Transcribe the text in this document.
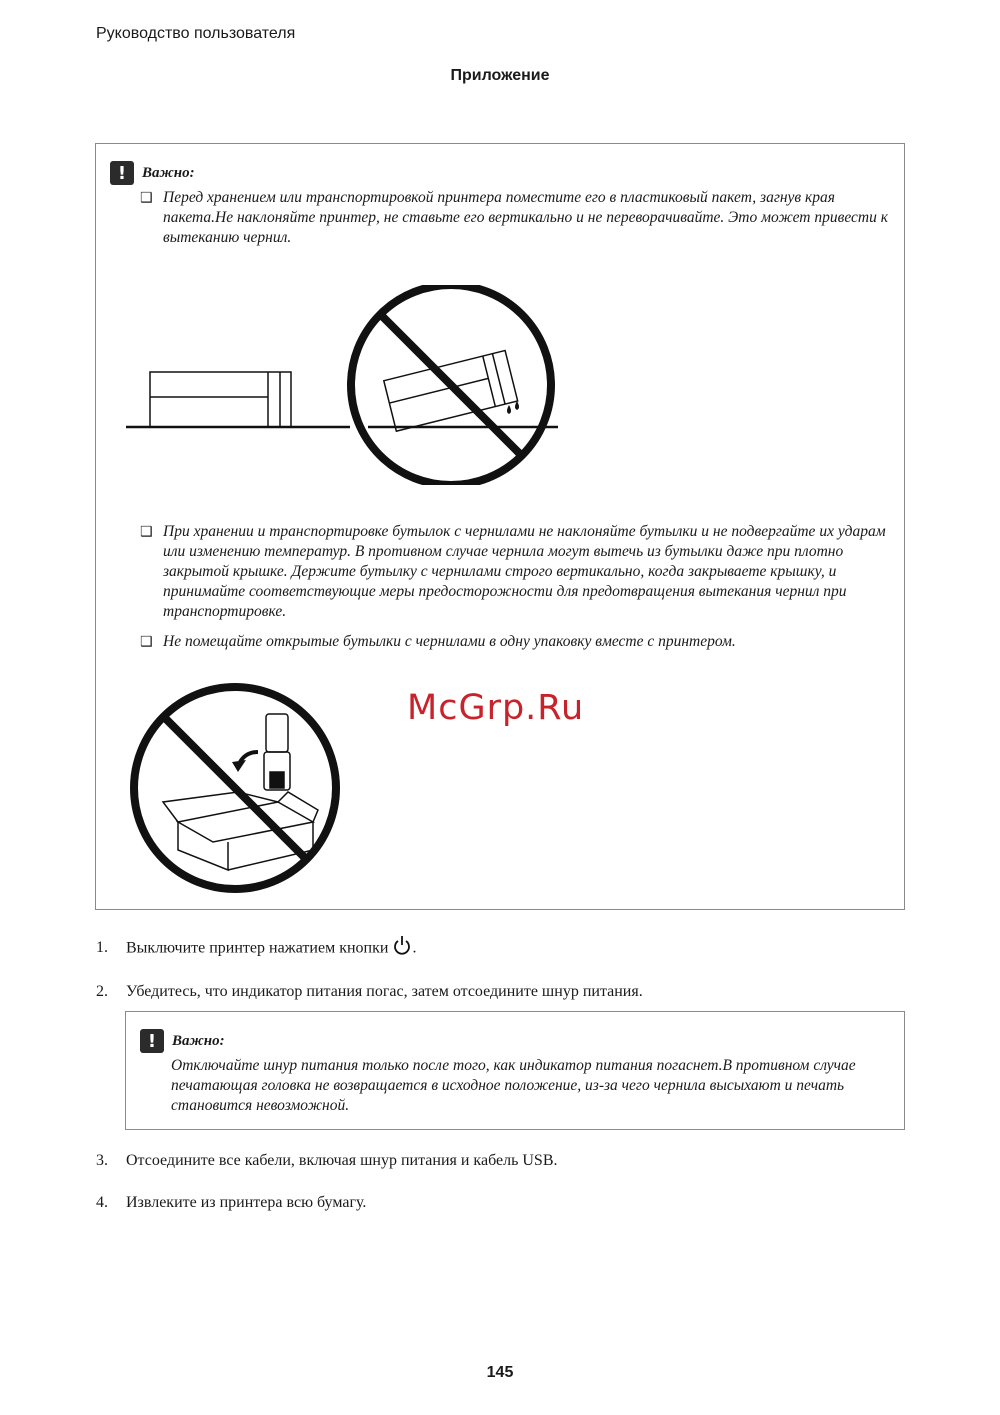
Руководство пользователя
Приложение
!	Важно:
❑ Перед хранением или транспортировкой принтера поместите его в пластиковый пакет, загнув края пакета.Не наклоняйте принтер, не ставьте его вертикально и не переворачивайте. Это может привести к вытеканию чернил.
❑ При хранении и транспортировке бутылок с чернилами не наклоняйте бутылки и не подвергайте их ударам или изменению температур. В противном случае чернила могут вытечь из бутылки даже при плотно закрытой крышке. Держите бутылку с чернилами строго вертикально, когда закрываете крышку, и принимайте соответствующие меры предосторожности для предотвращения вытекания чернил при транспортировке.
❑ Не помещайте открытые бутылки с чернилами в одну упаковку вместе с принтером.
McGrp.Ru
1. Выключите принтер нажатием кнопки .
2. Убедитесь, что индикатор питания погас, затем отсоедините шнур питания.
!	Важно:
Отключайте шнур питания только после того, как индикатор питания погаснет.В противном случае печатающая головка не возвращается в исходное положение, из-за чего чернила высыхают и печать становится невозможной.
3. Отсоедините все кабели, включая шнур питания и кабель USB.
4. Извлеките из принтера всю бумагу.
145
